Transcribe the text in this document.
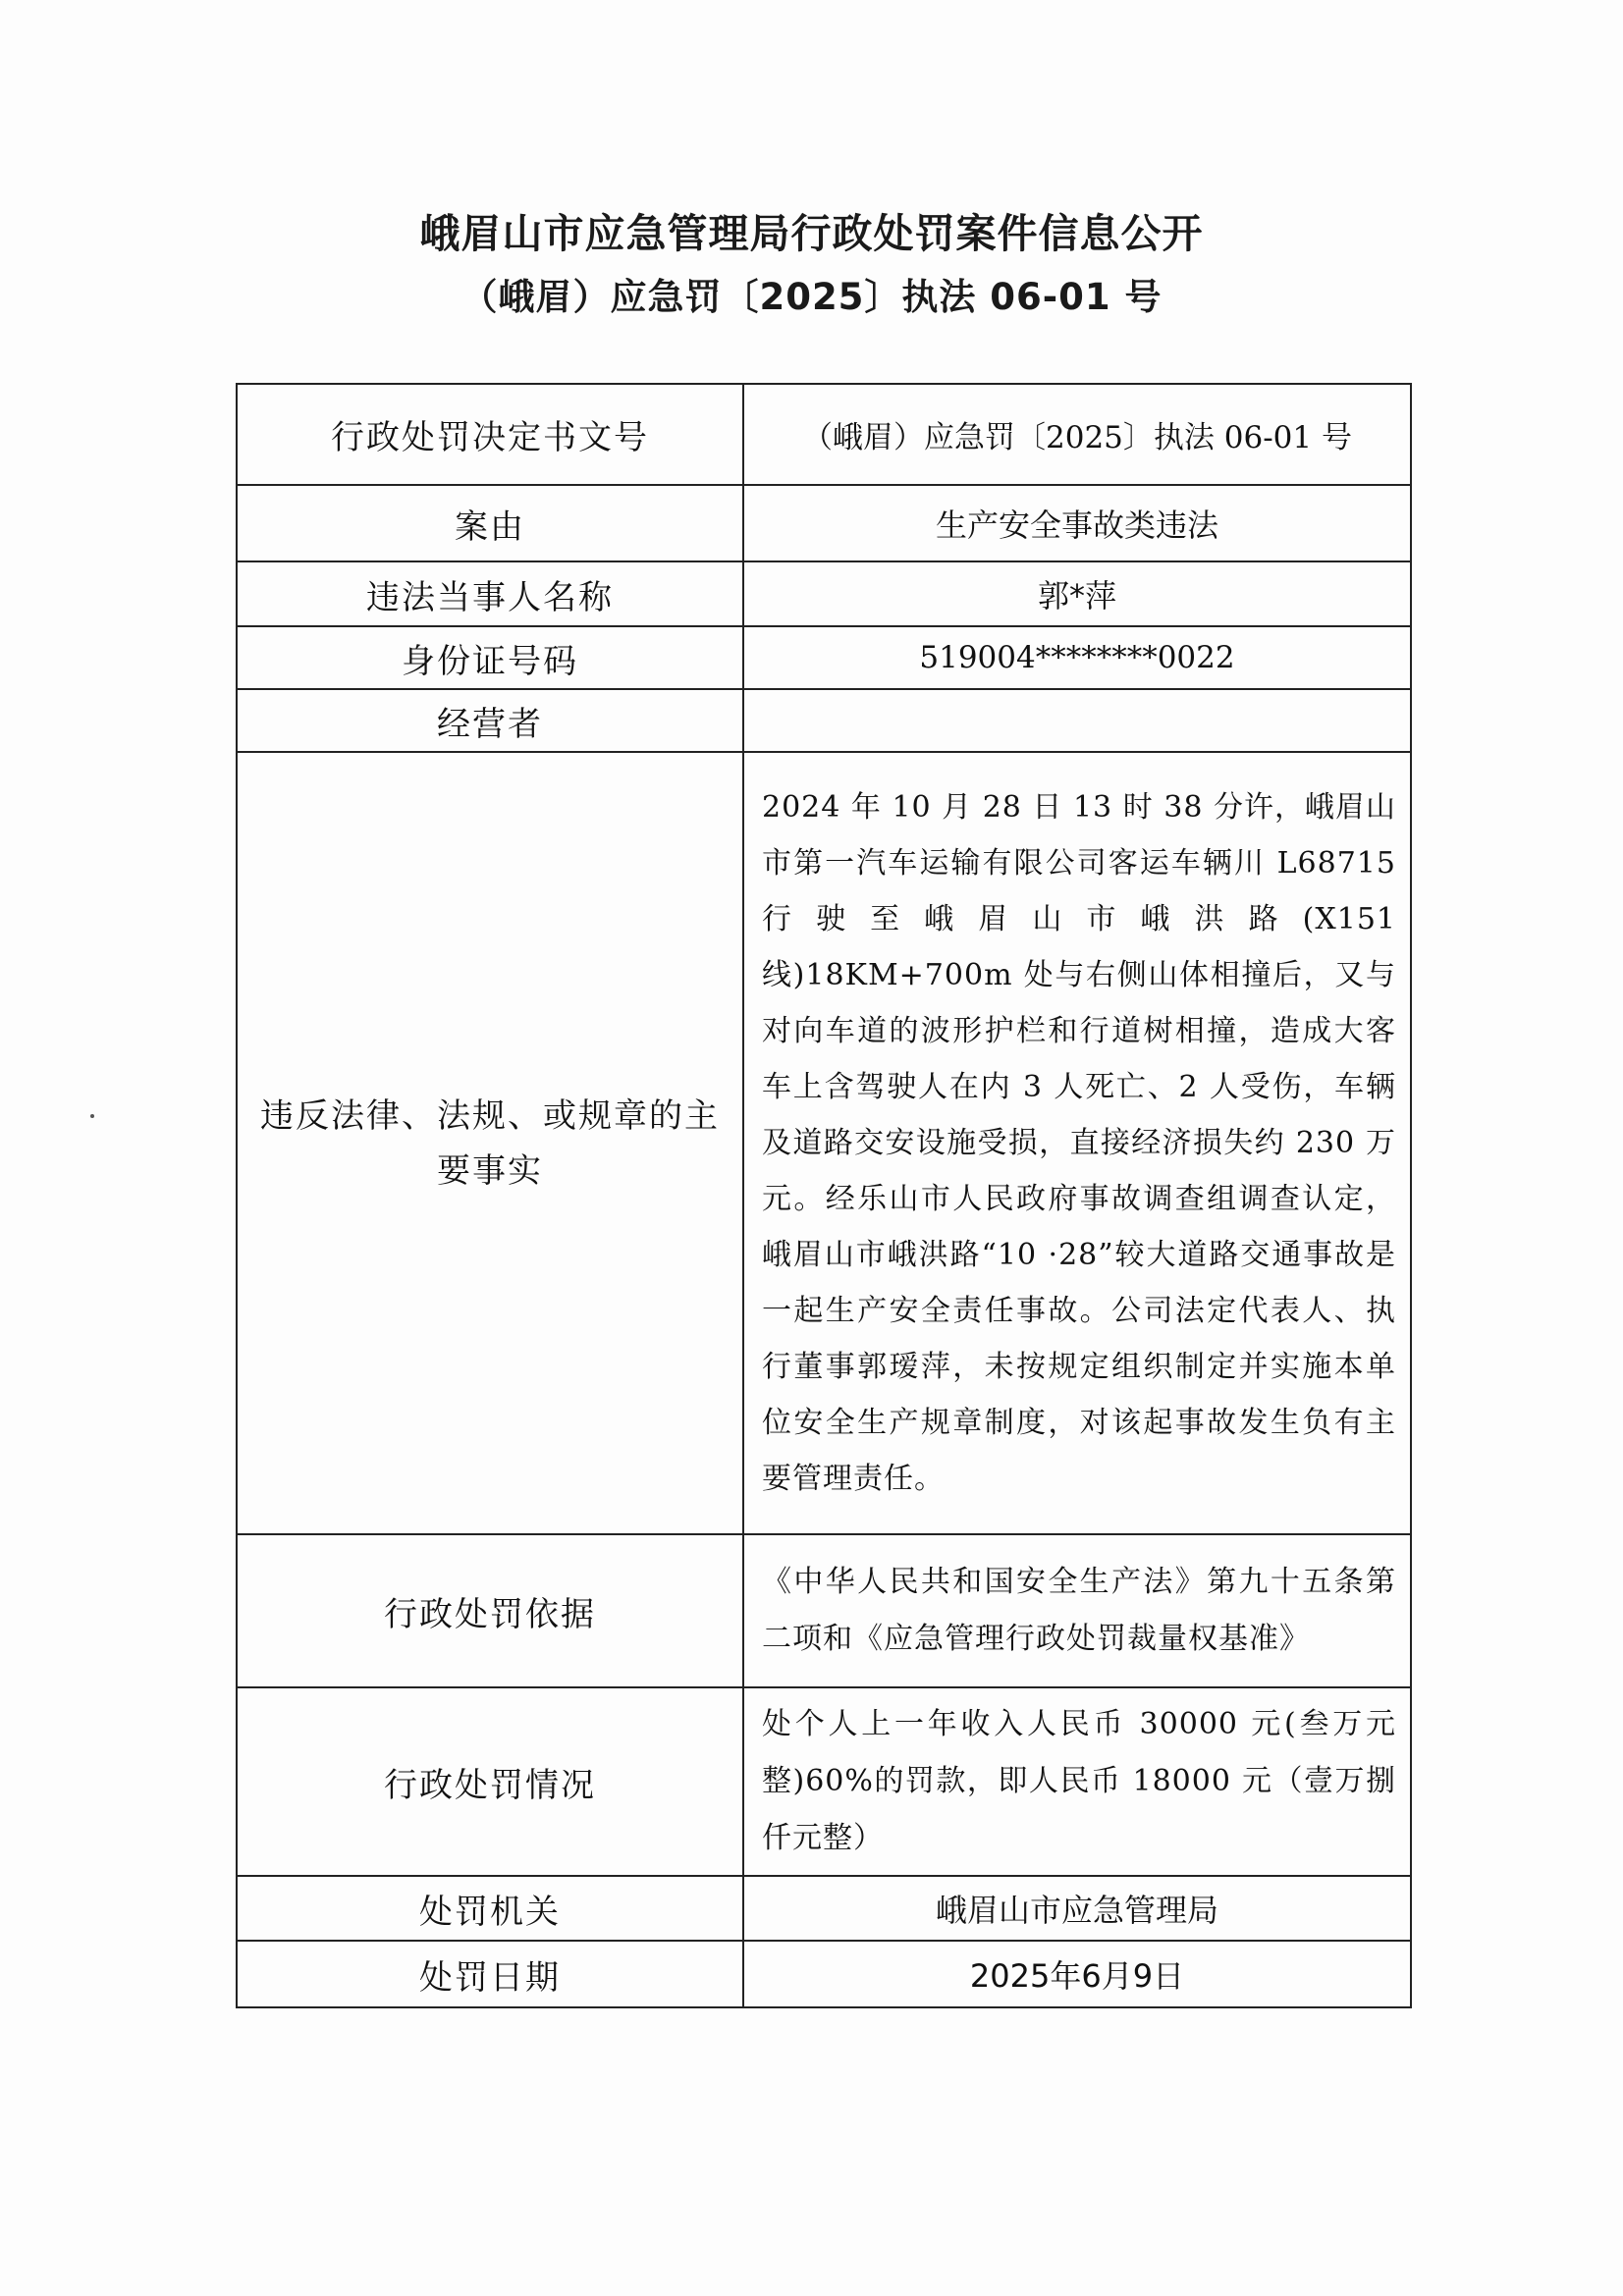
峨眉山市应急管理局行政处罚案件信息公开
（峨眉）应急罚〔2025〕执法 06-01 号
行政处罚决定书文号	（峨眉）应急罚〔2025〕执法 06-01 号
案由	生产安全事故类违法
违法当事人名称	郭*萍
身份证号码	519004********0022
经营者	
违反法律、法规、或规章的主要事实	2024 年 10 月 28 日 13 时 38 分许，峨眉山市第一汽车运输有限公司客运车辆川 L68715 行驶至峨眉山市峨洪路(X151 线)18KM+700m 处与右侧山体相撞后，又与对向车道的波形护栏和行道树相撞，造成大客车上含驾驶人在内 3 人死亡、2 人受伤，车辆及道路交安设施受损，直接经济损失约 230 万元。经乐山市人民政府事故调查组调查认定，峨眉山市峨洪路“10 ·28”较大道路交通事故是一起生产安全责任事故。公司法定代表人、执行董事郭瑷萍，未按规定组织制定并实施本单位安全生产规章制度，对该起事故发生负有主要管理责任。
行政处罚依据	《中华人民共和国安全生产法》第九十五条第二项和《应急管理行政处罚裁量权基准》
行政处罚情况	处个人上一年收入人民币 30000 元(叁万元整)60%的罚款，即人民币 18000 元（壹万捌仟元整）
处罚机关	峨眉山市应急管理局
处罚日期	2025年6月9日
